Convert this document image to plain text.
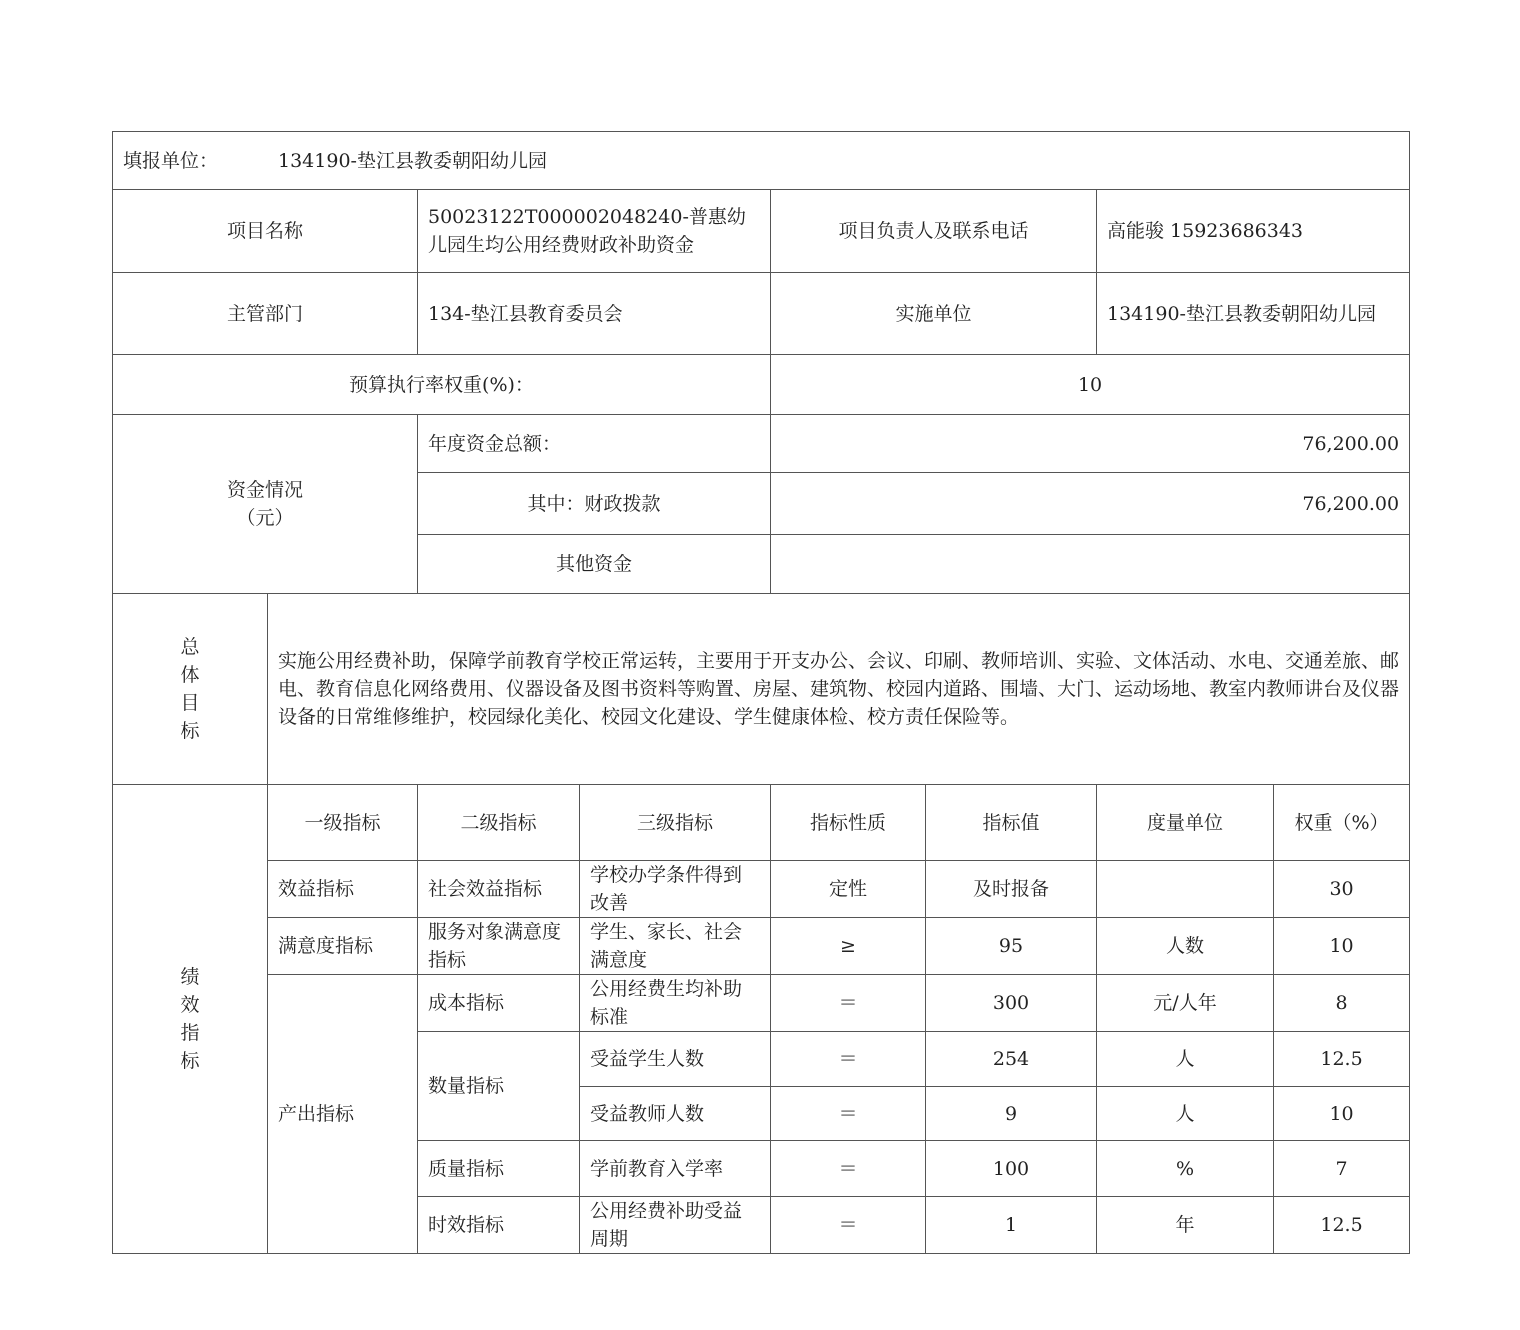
填报单位： 134190-垫江县教委朝阳幼儿园							
项目名称		50023122T000002048240-普惠幼儿园生均公用经费财政补助资金		项目负责人及联系电话		高能骏 15923686343	
主管部门		134-垫江县教育委员会		实施单位		134190-垫江县教委朝阳幼儿园	
预算执行率权重(%)：				10			
资金情况（元）		年度资金总额：		76,200.00			
		其中：财政拨款		76,200.00			
		其他资金					
总体目标	实施公用经费补助，保障学前教育学校正常运转，主要用于开支办公、会议、印刷、教师培训、实验、文体活动、水电、交通差旅、邮电、教育信息化网络费用、仪器设备及图书资料等购置、房屋、建筑物、校园内道路、围墙、大门、运动场地、教室内教师讲台及仪器设备的日常维修维护，校园绿化美化、校园文化建设、学生健康体检、校方责任保险等。						
绩效指标	一级指标	二级指标	三级指标	指标性质	指标值	度量单位	权重（%）
	效益指标	社会效益指标	学校办学条件得到改善	定性	及时报备		30
	满意度指标	服务对象满意度指标	学生、家长、社会满意度	≥	95	人数	10
	产出指标	成本指标	公用经费生均补助标准	＝	300	元/人年	8
		数量指标	受益学生人数	＝	254	人	12.5
			受益教师人数	＝	9	人	10
		质量指标	学前教育入学率	＝	100	%	7
		时效指标	公用经费补助受益周期	＝	1	年	12.5
